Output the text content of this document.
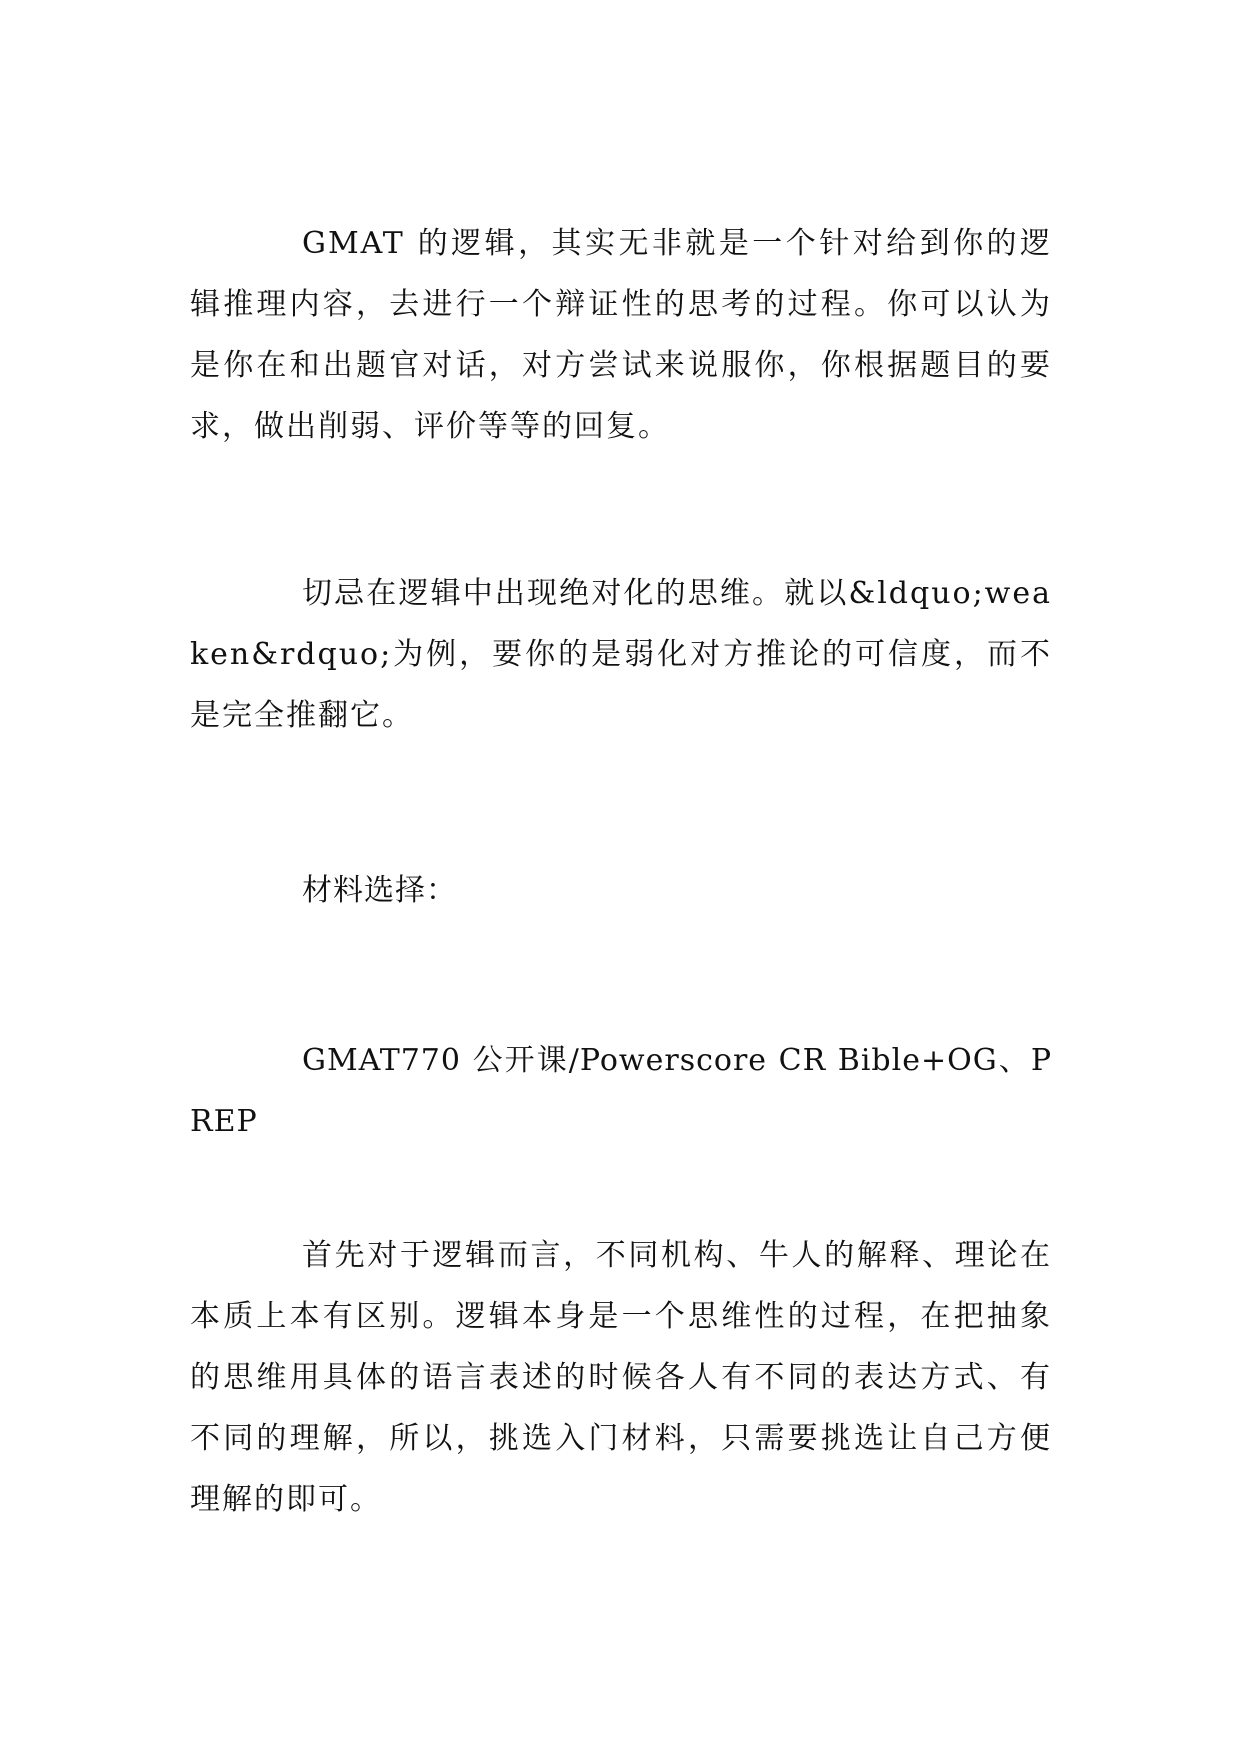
GMAT 的逻辑，其实无非就是一个针对给到你的逻辑推理内容，去进行一个辩证性的思考的过程。你可以认为是你在和出题官对话，对方尝试来说服你，你根据题目的要求，做出削弱、评价等等的回复。

切忌在逻辑中出现绝对化的思维。就以&ldquo;weaken&rdquo;为例，要你的是弱化对方推论的可信度，而不是完全推翻它。

材料选择：

GMAT770 公开课/Powerscore CR Bible+OG、PREP

首先对于逻辑而言，不同机构、牛人的解释、理论在本质上本有区别。逻辑本身是一个思维性的过程，在把抽象的思维用具体的语言表述的时候各人有不同的表达方式、有不同的理解，所以，挑选入门材料，只需要挑选让自己方便理解的即可。
